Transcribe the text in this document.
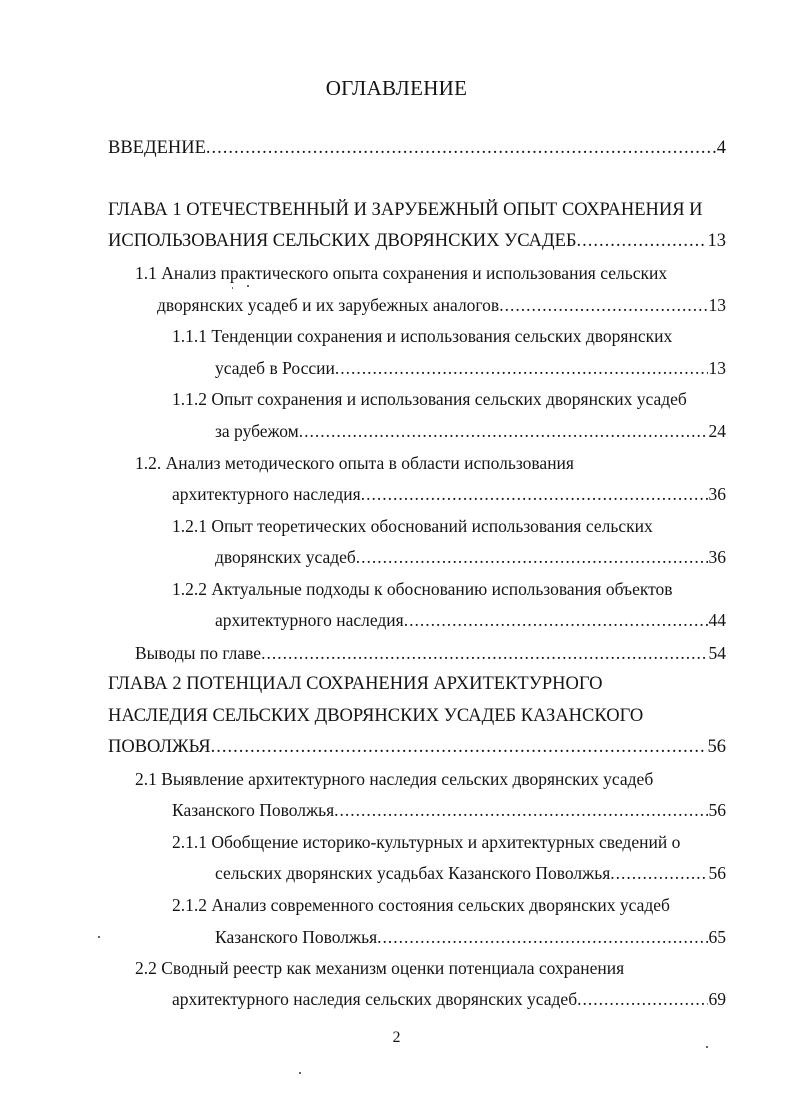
ОГЛАВЛЕНИЕ
ВВЕДЕНИЕ .....	4
ГЛАВА 1 ОТЕЧЕСТВЕННЫЙ И ЗАРУБЕЖНЫЙ ОПЫТ СОХРАНЕНИЯ И
ИСПОЛЬЗОВАНИЯ СЕЛЬСКИХ ДВОРЯНСКИХ УСАДЕБ .....	13
1.1 Анализ практического опыта сохранения и использования сельских
дворянских усадеб и их зарубежных аналогов .....	13
1.1.1 Тенденции сохранения и использования сельских дворянских
усадеб в России .....	13
1.1.2 Опыт сохранения и использования сельских дворянских усадеб
за рубежом .....	24
1.2. Анализ методического опыта в области использования
архитектурного наследия .....	36
1.2.1 Опыт теоретических обоснований использования сельских
дворянских усадеб .....	36
1.2.2 Актуальные подходы к обоснованию использования объектов
архитектурного наследия .....	44
Выводы по главе .....	54
ГЛАВА 2 ПОТЕНЦИАЛ СОХРАНЕНИЯ АРХИТЕКТУРНОГО
НАСЛЕДИЯ СЕЛЬСКИХ ДВОРЯНСКИХ УСАДЕБ КАЗАНСКОГО
ПОВОЛЖЬЯ .....	56
2.1 Выявление архитектурного наследия сельских дворянских усадеб
Казанского Поволжья .....	56
2.1.1 Обобщение историко-культурных и архитектурных сведений о
сельских дворянских усадьбах Казанского Поволжья .....	56
2.1.2 Анализ современного состояния сельских дворянских усадеб
Казанского Поволжья .....	65
2.2 Сводный реестр как механизм оценки потенциала сохранения
архитектурного наследия сельских дворянских усадеб .....	69
2
